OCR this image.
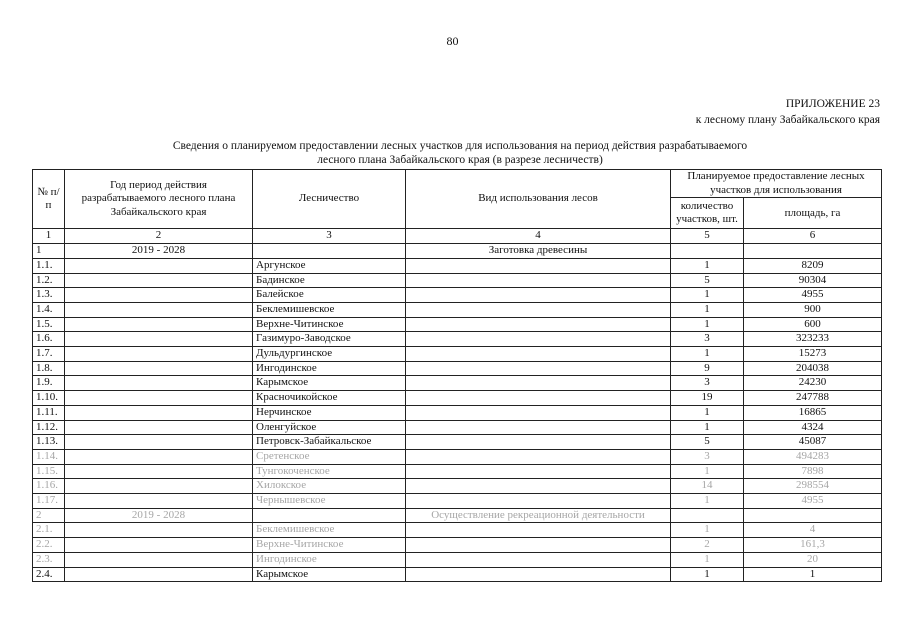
80
ПРИЛОЖЕНИЕ 23
к лесному плану Забайкальского края
Сведения о планируемом предоставлении лесных участков для использования на период действия разрабатываемого
лесного плана Забайкальского края (в разрезе лесничеств)
№ п/п	Год период действия разрабатываемого лесного плана Забайкальского края	Лесничество	Вид использования лесов	Планируемое предоставление лесных участков для использования	
				количество участков, шт.	площадь, га
1	2	3	4	5	6
1	2019 - 2028		Заготовка древесины		
1.1.		Аргунское		1	8209
1.2.		Бадинское		5	90304
1.3.		Балейское		1	4955
1.4.		Беклемишевское		1	900
1.5.		Верхне-Читинское		1	600
1.6.		Газимуро-Заводское		3	323233
1.7.		Дульдургинское		1	15273
1.8.		Ингодинское		9	204038
1.9.		Карымское		3	24230
1.10.		Красночикойское		19	247788
1.11.		Нерчинское		1	16865
1.12.		Оленгуйское		1	4324
1.13.		Петровск-Забайкальское		5	45087
1.14.		Сретенское		3	494283
1.15.		Тунгокоченское		1	7898
1.16.		Хилокское		14	298554
1.17.		Чернышевское		1	4955
2	2019 - 2028		Осуществление рекреационной деятельности		
2.1.		Беклемишевское		1	4
2.2.		Верхне-Читинское		2	161,3
2.3.		Ингодинское		1	20
2.4.		Карымское		1	1
